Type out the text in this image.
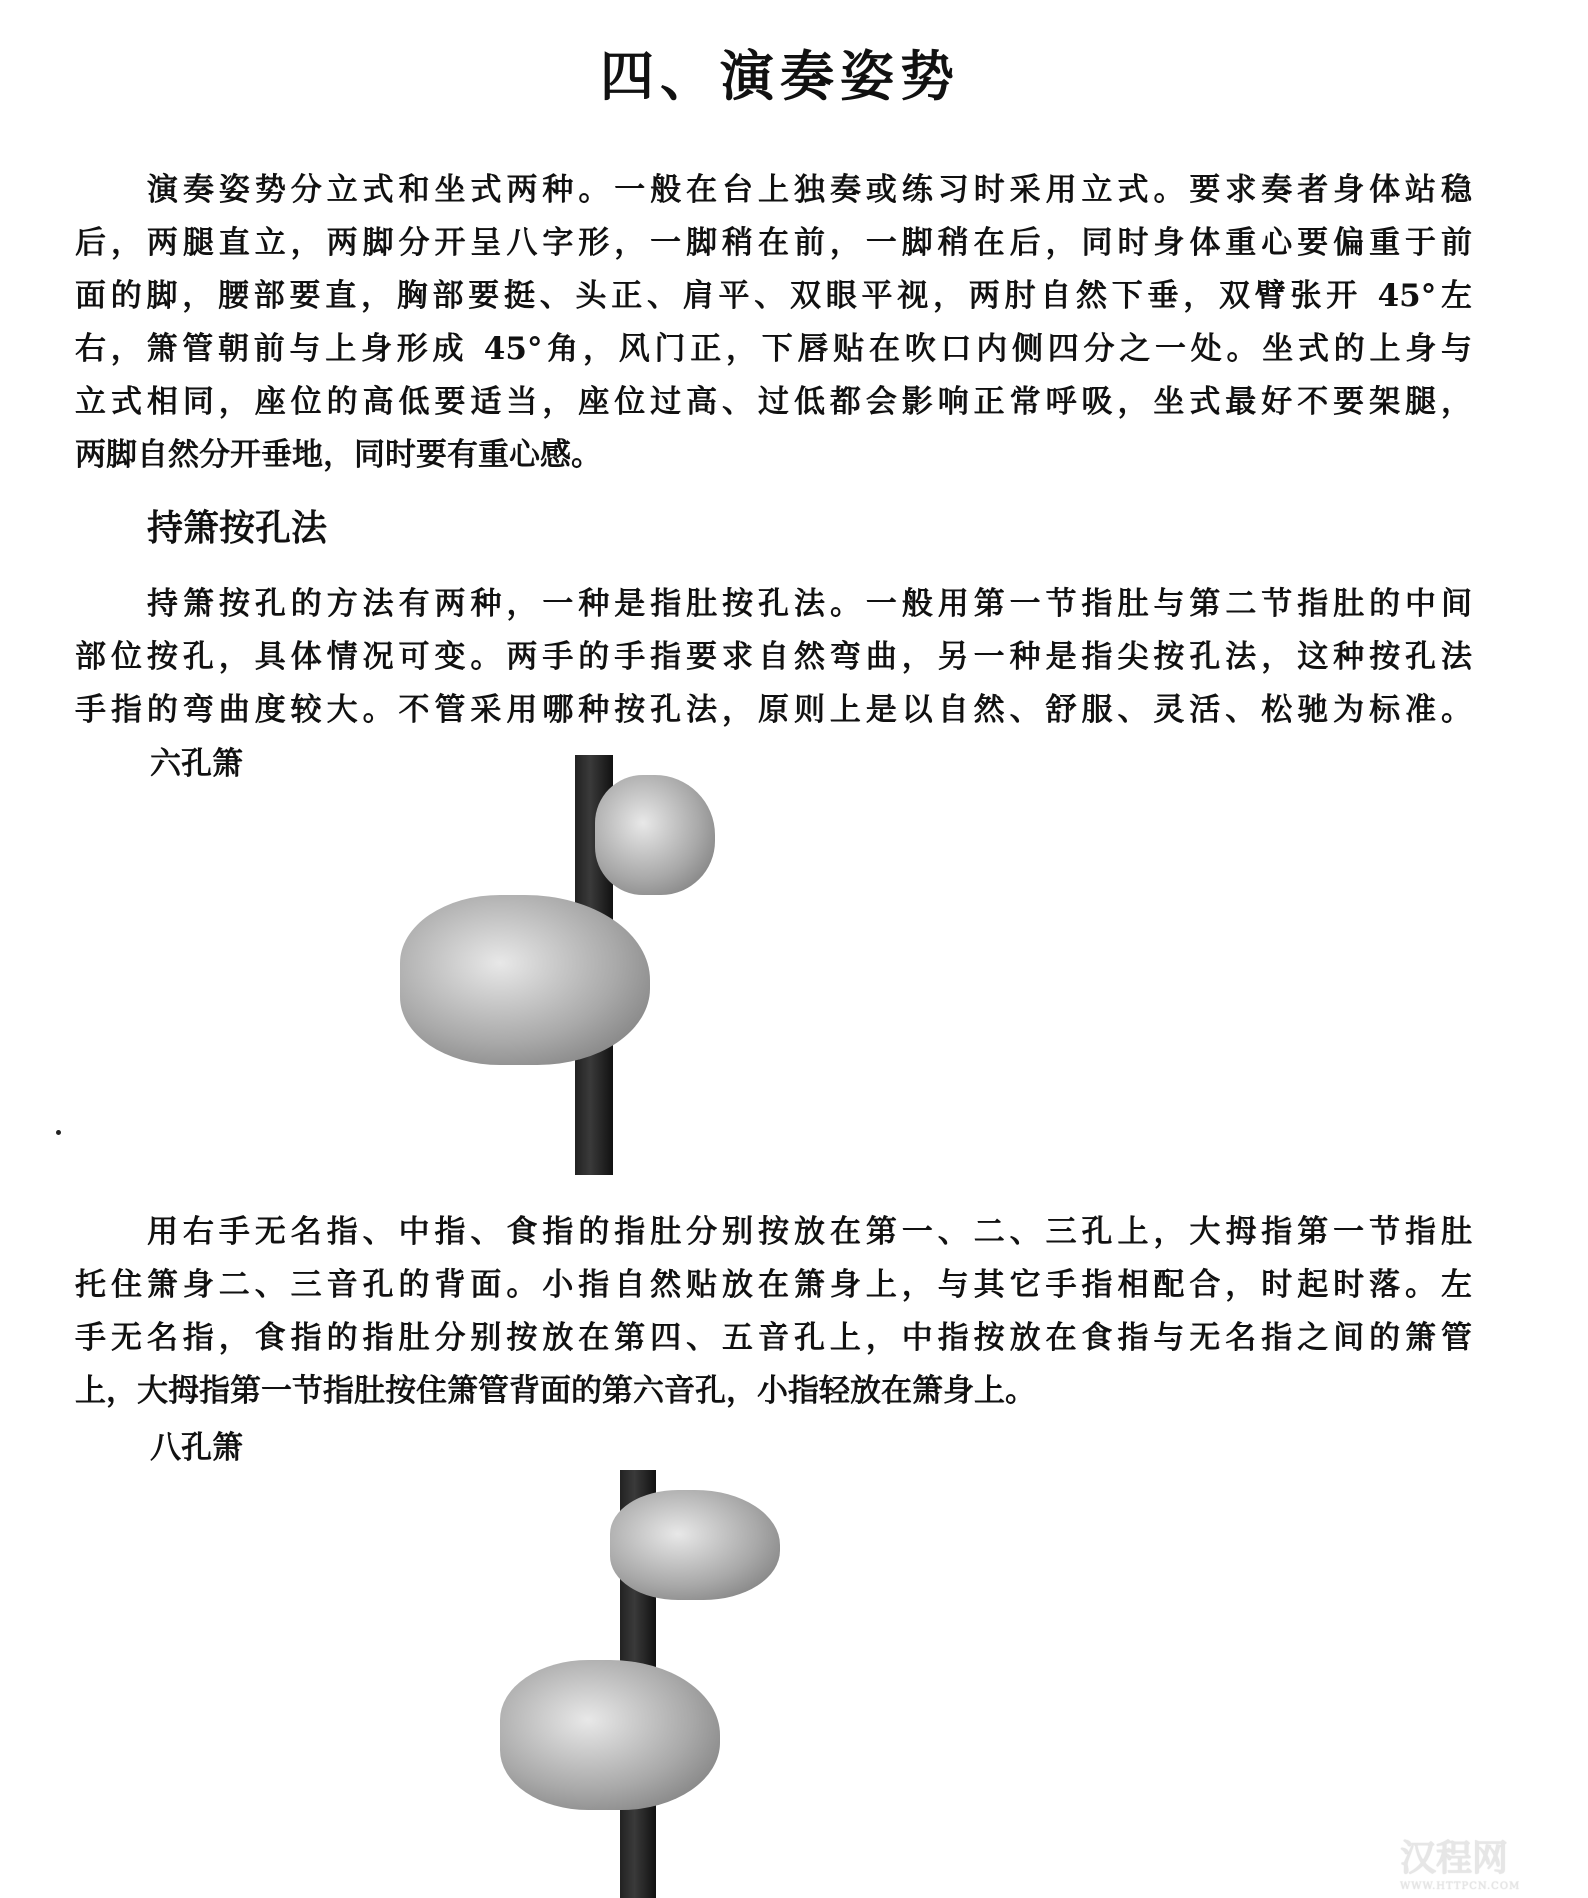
四、演奏姿势
演奏姿势分立式和坐式两种。一般在台上独奏或练习时采用立式。要求奏者身体站稳
后，两腿直立，两脚分开呈八字形，一脚稍在前，一脚稍在后，同时身体重心要偏重于前
面的脚，腰部要直，胸部要挺、头正、肩平、双眼平视，两肘自然下垂，双臂张开 45°左
右，箫管朝前与上身形成 45°角，风门正，下唇贴在吹口内侧四分之一处。坐式的上身与
立式相同，座位的高低要适当，座位过高、过低都会影响正常呼吸，坐式最好不要架腿，
两脚自然分开垂地，同时要有重心感。
持箫按孔法
持箫按孔的方法有两种，一种是指肚按孔法。一般用第一节指肚与第二节指肚的中间
部位按孔，具体情况可变。两手的手指要求自然弯曲，另一种是指尖按孔法，这种按孔法
手指的弯曲度较大。不管采用哪种按孔法，原则上是以自然、舒服、灵活、松驰为标准。
六孔箫
用右手无名指、中指、食指的指肚分别按放在第一、二、三孔上，大拇指第一节指肚
托住箫身二、三音孔的背面。小指自然贴放在箫身上，与其它手指相配合，时起时落。左
手无名指，食指的指肚分别按放在第四、五音孔上，中指按放在食指与无名指之间的箫管
上，大拇指第一节指肚按住箫管背面的第六音孔，小指轻放在箫身上。
八孔箫
汉程网
WWW.HTTPCN.COM
